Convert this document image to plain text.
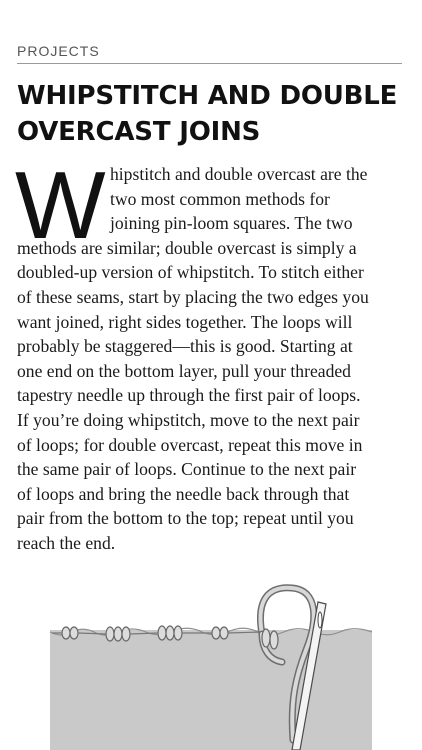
PROJECTS
WHIPSTITCH AND DOUBLE
OVERCAST JOINS
W hipstitch and double overcast are the
two most common methods for
joining pin-loom squares. The two
methods are similar; double overcast is simply a
doubled-up version of whipstitch. To stitch either
of these seams, start by placing the two edges you
want joined, right sides together. The loops will
probably be staggered—this is good. Starting at
one end on the bottom layer, pull your threaded
tapestry needle up through the first pair of loops.
If you’re doing whipstitch, move to the next pair
of loops; for double overcast, repeat this move in
the same pair of loops. Continue to the next pair
of loops and bring the needle back through that
pair from the bottom to the top; repeat until you
reach the end.
